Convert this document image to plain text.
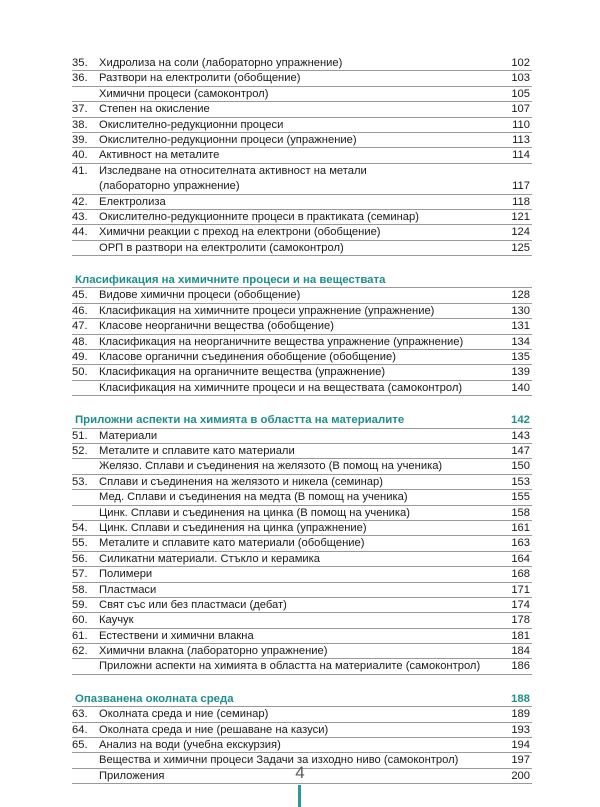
35.	Хидролиза на соли (лабораторно упражнение)	102
36.	Разтвори на електролити (обобщение)	103
Химични процеси (самоконтрол)	105
37.	Степен на окисление	107
38.	Окислително-редукционни процеси	110
39.	Окислително-редукционни процеси (упражнение)	113
40.	Активност на металите	114
41.	Изследване на относителната активност на метали
(лабораторно упражнение)	117
42.	Електролиза	118
43.	Окислително-редукционните процеси в практиката (семинар)	121
44.	Химични реакции с преход на електрони (обобщение)	124
ОРП в разтвори на електролити (самоконтрол)	125
Класификация на химичните процеси и на веществата
45.	Видове химични процеси (обобщение)	128
46.	Класификация на химичните процеси упражнение (упражнение)	130
47.	Класове неорганични вещества (обобщение)	131
48.	Класификация на неорганичните вещества упражнение (упражнение)	134
49.	Класове органични съединения обобщение (обобщение)	135
50.	Класификация на органичните вещества (упражнение)	139
Класификация на химичните процеси и на веществата (самоконтрол)	140
Приложни аспекти на химията в областта на материалите	142
51.	Материали	143
52.	Металите и сплавите като материали	147
Желязо. Сплави и съединения на желязото (В помощ на ученика)	150
53.	Сплави и съединения на желязото и никела (семинар)	153
Мед. Сплави и съединения на медта (В помощ на ученика)	155
Цинк. Сплави и съединения на цинка (В помощ на ученика)	158
54.	Цинк. Сплави и съединения на цинка (упражнение)	161
55.	Металите и сплавите като материали (обобщение)	163
56.	Силикатни материали. Стъкло и керамика	164
57.	Полимери	168
58.	Пластмаси	171
59.	Свят със или без пластмаси (дебат)	174
60.	Каучук	178
61.	Естествени и химични влакна	181
62.	Химични влакна (лабораторно упражнение)	184
Приложни аспекти на химията в областта на материалите (самоконтрол)	186
Опазванена околната среда	188
63.	Околната среда и ние (семинар)	189
64.	Околната среда и ние (решаване на казуси)	193
65.	Анализ на води (учебна екскурзия)	194
Вещества и химични процеси Задачи за изходно ниво (самоконтрол)	197
Приложения	200
4
